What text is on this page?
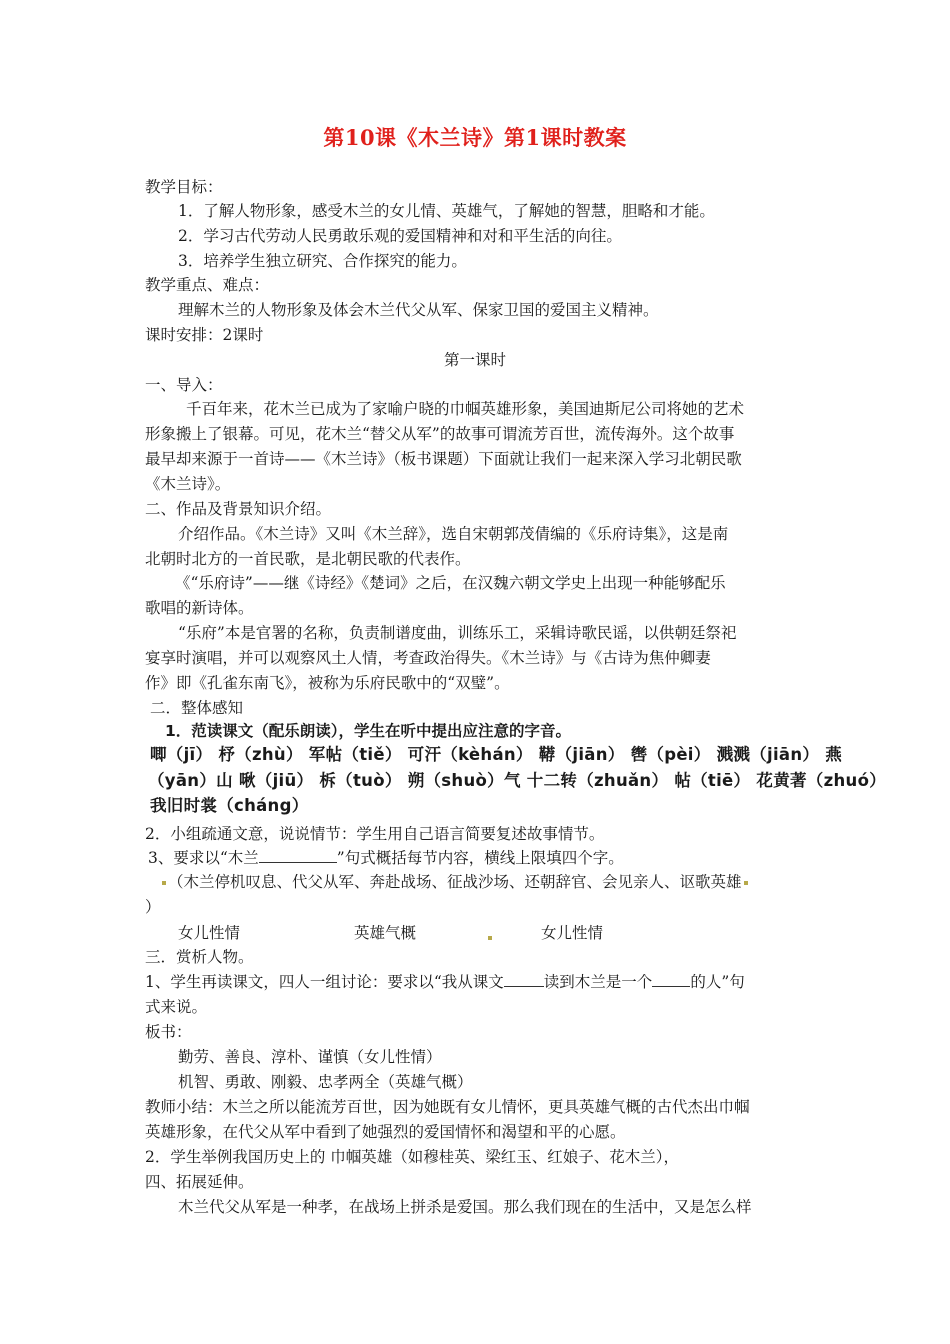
第10课《木兰诗》第1课时教案
教学目标：
1．了解人物形象，感受木兰的女儿情、英雄气，了解她的智慧，胆略和才能。
2．学习古代劳动人民勇敢乐观的爱国精神和对和平生活的向往。
3．培养学生独立研究、合作探究的能力。
教学重点、难点：
理解木兰的人物形象及体会木兰代父从军、保家卫国的爱国主义精神。
课时安排：2课时
第一课时
一、导入：
千百年来，花木兰已成为了家喻户晓的巾帼英雄形象，美国迪斯尼公司将她的艺术
形象搬上了银幕。可见，花木兰“替父从军”的故事可谓流芳百世，流传海外。这个故事
最早却来源于一首诗——《木兰诗》（板书课题）下面就让我们一起来深入学习北朝民歌
《木兰诗》。
二、作品及背景知识介绍。
介绍作品。《木兰诗》又叫《木兰辞》，选自宋朝郭茂倩编的《乐府诗集》，这是南
北朝时北方的一首民歌，是北朝民歌的代表作。
《“乐府诗”——继《诗经》《楚词》之后，在汉魏六朝文学史上出现一种能够配乐
歌唱的新诗体。
“乐府”本是官署的名称，负责制谱度曲，训练乐工，采辑诗歌民谣，以供朝廷祭祀
宴享时演唱，并可以观察风土人情，考查政治得失。《木兰诗》与《古诗为焦仲卿妻
作》即《孔雀东南飞》，被称为乐府民歌中的“双璧”。
二．整体感知
1．范读课文（配乐朗读），学生在听中提出应注意的字音。
唧（jī） 杼（zhù） 军帖（tiě） 可汗（kèhán） 鞯（jiān） 辔（pèi） 溅溅（jiān） 燕
（yān）山 啾（jiū） 柝（tuò） 朔（shuò）气 十二转（zhuǎn） 帖（tiē） 花黄著（zhuó）
我旧时裳（cháng）
2．小组疏通文意，说说情节：学生用自己语言简要复述故事情节。
3、要求以“木兰	”句式概括每节内容，横线上限填四个字。
（木兰停机叹息、代父从军、奔赴战场、征战沙场、还朝辞官、会见亲人、讴歌英雄
）
女儿性情	英雄气概	女儿性情
三．赏析人物。
1、学生再读课文，四人一组讨论：要求以“我从课文	读到木兰是一个 的人”句
式来说。
板书：
勤劳、善良、淳朴、谨慎（女儿性情）
机智、勇敢、刚毅、忠孝两全（英雄气概）
教师小结：木兰之所以能流芳百世，因为她既有女儿情怀，更具英雄气概的古代杰出巾帼
英雄形象，在代父从军中看到了她强烈的爱国情怀和渴望和平的心愿。
2．学生举例我国历史上的 巾帼英雄（如穆桂英、梁红玉、红娘子、花木兰），
四、拓展延伸。
木兰代父从军是一种孝，在战场上拼杀是爱国。那么我们现在的生活中，又是怎么样
